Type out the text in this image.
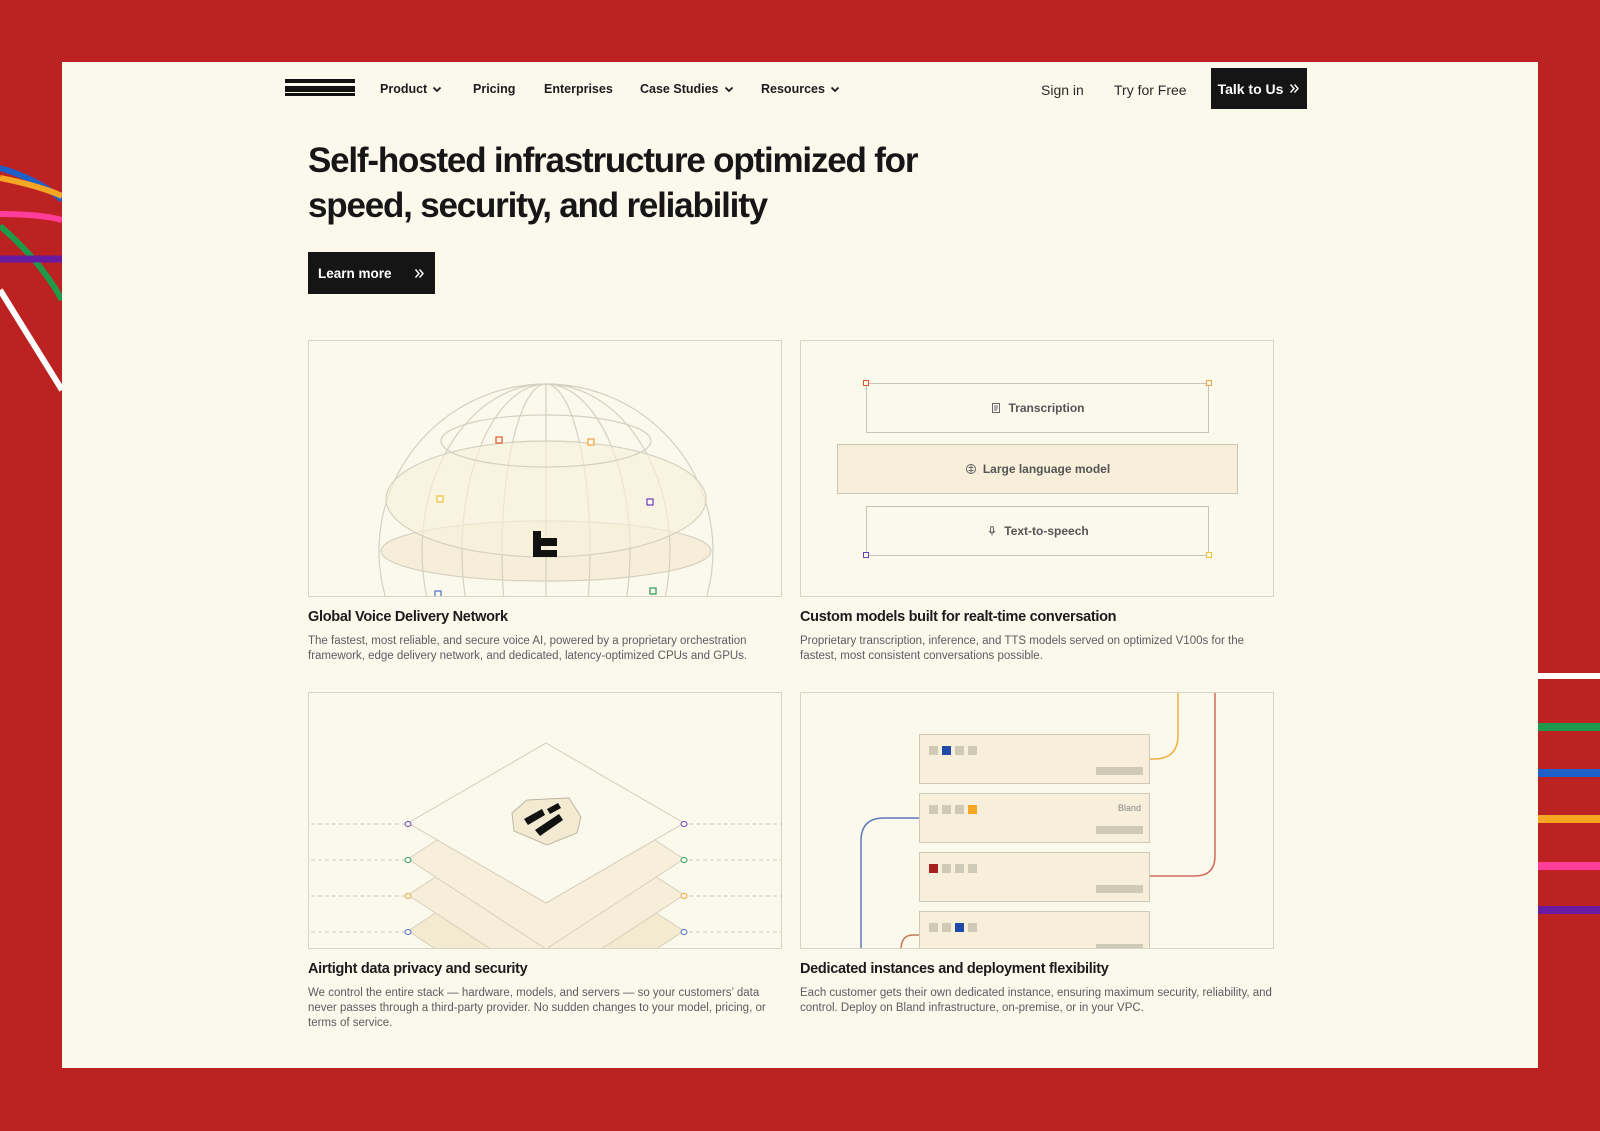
Product	Pricing Enterprises Case Studies	Resources	Sign in Try for Free Talk to Us
Self-hosted infrastructure optimized for
speed, security, and reliability
Learn more
Global Voice Delivery Network

The fastest, most reliable, and secure voice AI, powered by a proprietary orchestration framework, edge delivery network, and dedicated, latency-optimized CPUs and GPUs.

Transcription
Large language model
Text-to-speech
Custom models built for realt-time conversation

Proprietary transcription, inference, and TTS models served on optimized V100s for the fastest, most consistent conversations possible.

Airtight data privacy and security

We control the entire stack — hardware, models, and servers — so your customers’ data never passes through a third-party provider. No sudden changes to your model, pricing, or terms of service.

Bland
Dedicated instances and deployment flexibility

Each customer gets their own dedicated instance, ensuring maximum security, reliability, and control. Deploy on Bland infrastructure, on-premise, or in your VPC.
